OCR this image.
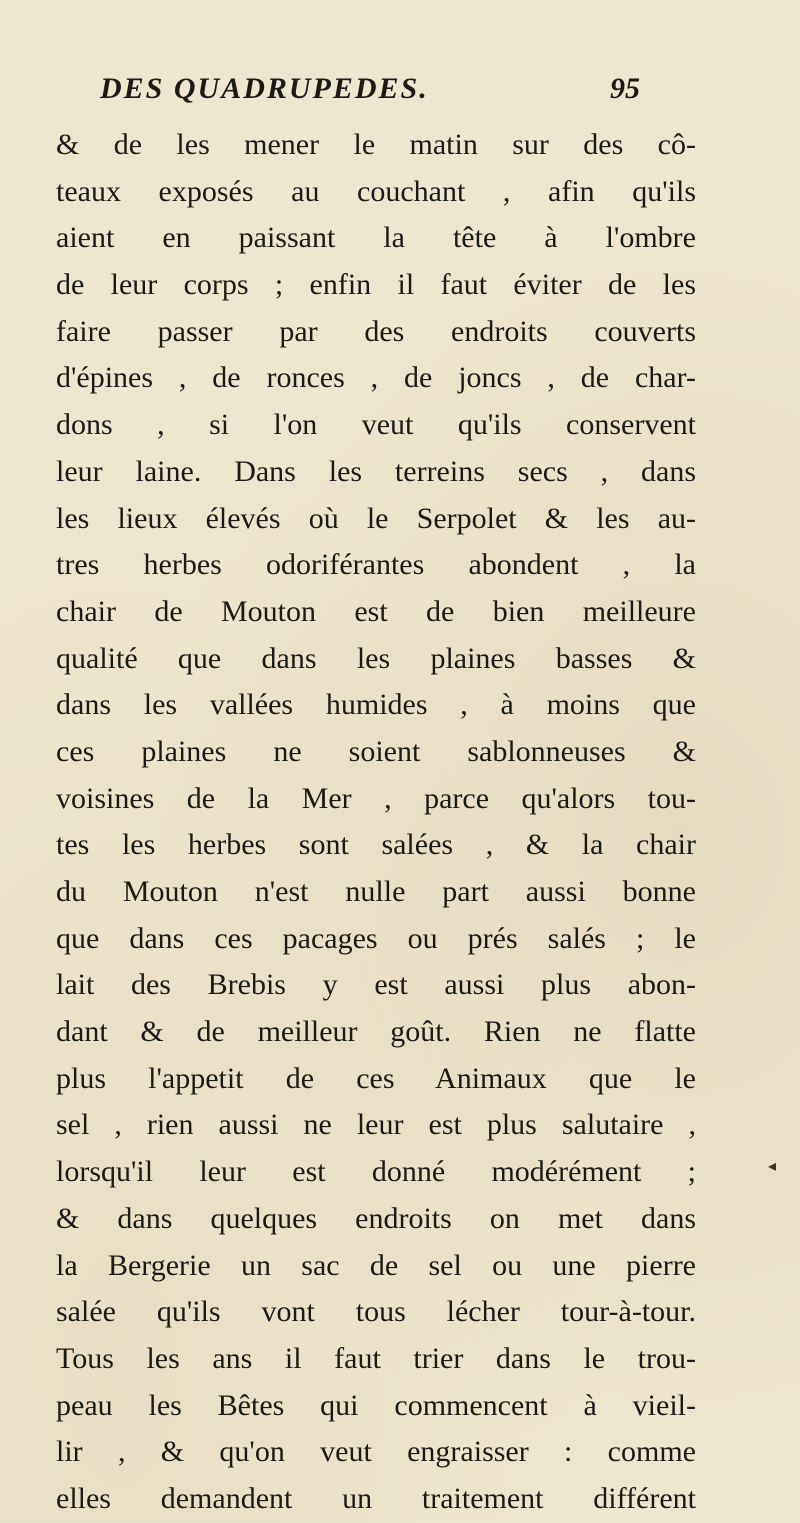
DES QUADRUPEDES.	95
& de les mener le matin sur des cô-
teaux exposés au couchant , afin qu'ils
aient en paissant la tête à l'ombre
de leur corps ; enfin il faut éviter de les
faire passer par des endroits couverts
d'épines , de ronces , de joncs , de char-
dons , si l'on veut qu'ils conservent
leur laine. Dans les terreins secs , dans
les lieux élevés où le Serpolet & les au-
tres herbes odoriférantes abondent , la
chair de Mouton est de bien meilleure
qualité que dans les plaines basses &
dans les vallées humides , à moins que
ces plaines ne soient sablonneuses &
voisines de la Mer , parce qu'alors tou-
tes les herbes sont salées , & la chair
du Mouton n'est nulle part aussi bonne
que dans ces pacages ou prés salés ; le
lait des Brebis y est aussi plus abon-
dant & de meilleur goût. Rien ne flatte
plus l'appetit de ces Animaux que le
sel , rien aussi ne leur est plus salutaire ,
lorsqu'il leur est donné modérément ;
& dans quelques endroits on met dans
la Bergerie un sac de sel ou une pierre
salée qu'ils vont tous lécher tour-à-tour.
Tous les ans il faut trier dans le trou-
peau les Bêtes qui commencent à vieil-
lir , & qu'on veut engraisser : comme
elles demandent un traitement différent
◂
